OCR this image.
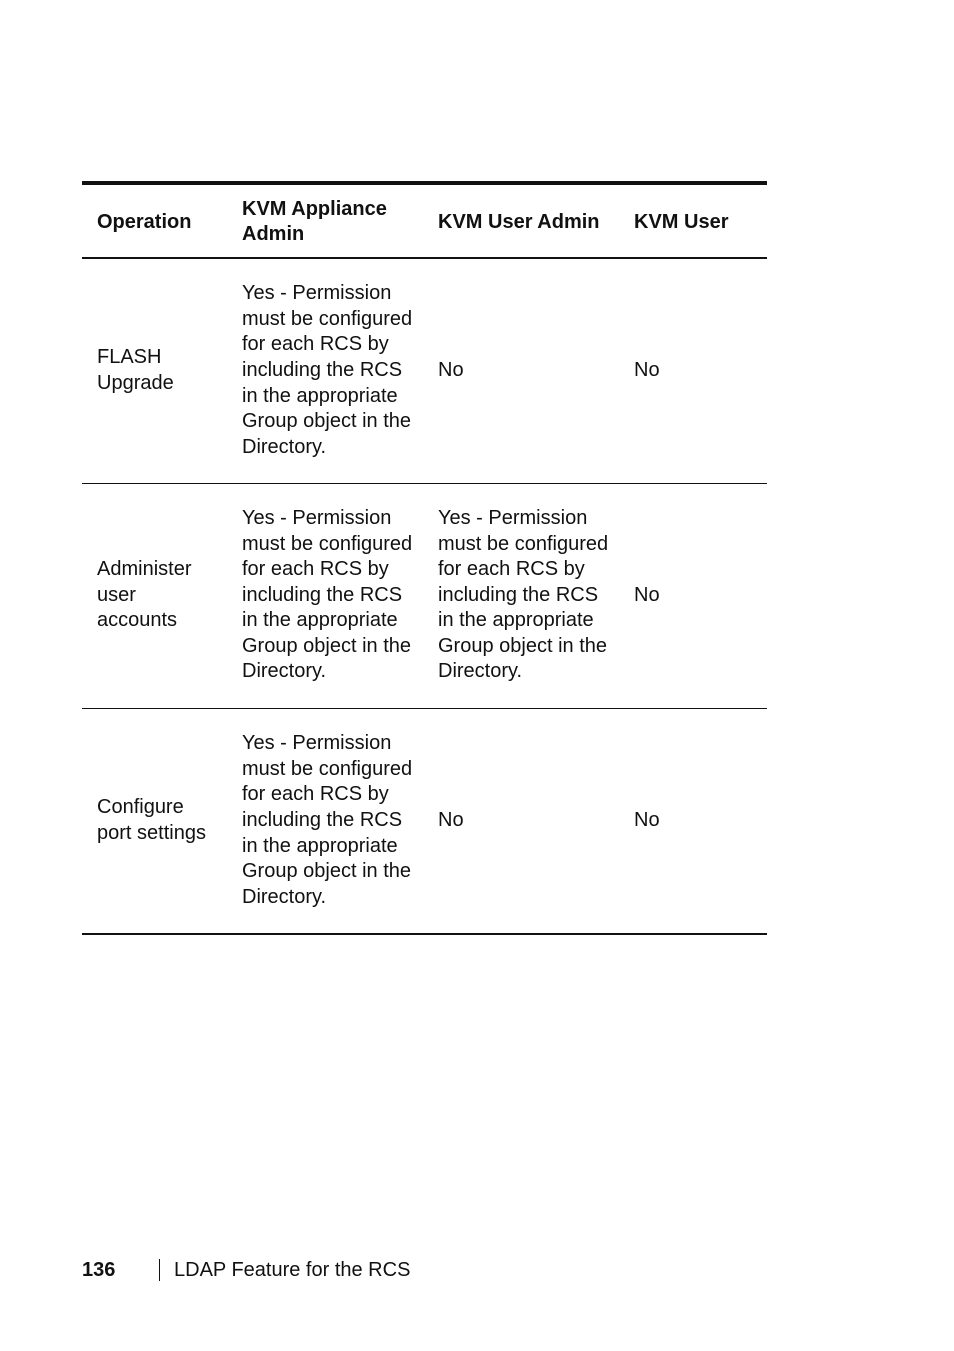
Operation	KVM Appliance Admin	KVM User Admin	KVM User
FLASH Upgrade	Yes - Permission must be configured for each RCS by including the RCS in the appropriate Group object in the Directory.	No	No
Administer user accounts	Yes - Permission must be configured for each RCS by including the RCS in the appropriate Group object in the Directory.	Yes - Permission must be configured for each RCS by including the RCS in the appropriate Group object in the Directory.	No
Configure port settings	Yes - Permission must be configured for each RCS by including the RCS in the appropriate Group object in the Directory.	No	No
136	LDAP Feature for the RCS
